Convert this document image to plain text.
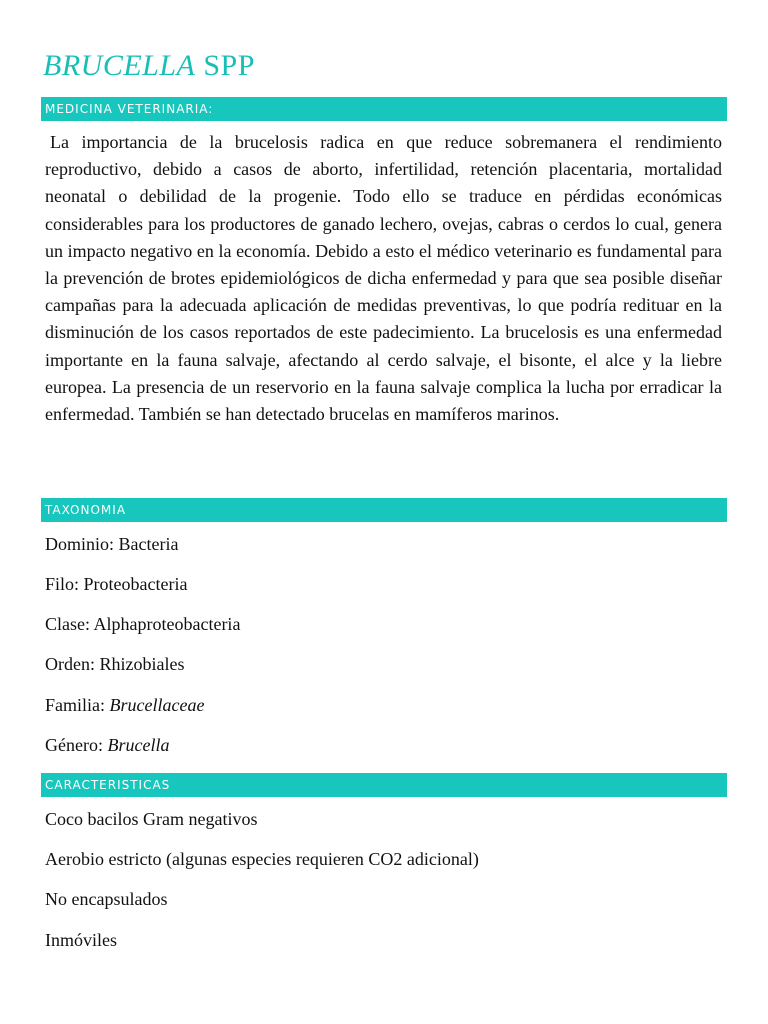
BRUCELLA SPP
MEDICINA VETERINARIA:

La importancia de la brucelosis radica en que reduce sobremanera el rendimiento reproductivo, debido a casos de aborto, infertilidad, retención placentaria, mortalidad neonatal o debilidad de la progenie. Todo ello se traduce en pérdidas económicas considerables para los productores de ganado lechero, ovejas, cabras o cerdos lo cual, genera un impacto negativo en la economía. Debido a esto el médico veterinario es fundamental para la prevención de brotes epidemiológicos de dicha enfermedad y para que sea posible diseñar campañas para la adecuada aplicación de medidas preventivas, lo que podría redituar en la disminución de los casos reportados de este padecimiento. La brucelosis es una enfermedad importante en la fauna salvaje, afectando al cerdo salvaje, el bisonte, el alce y la liebre europea. La presencia de un reservorio en la fauna salvaje complica la lucha por erradicar la enfermedad. También se han detectado brucelas en mamíferos marinos.

TAXONOMIA
Dominio: Bacteria
Filo: Proteobacteria
Clase: Alphaproteobacteria
Orden: Rhizobiales
Familia: Brucellaceae
Género: Brucella
CARACTERISTICAS
Coco bacilos Gram negativos
Aerobio estricto (algunas especies requieren CO2 adicional)
No encapsulados
Inmóviles
